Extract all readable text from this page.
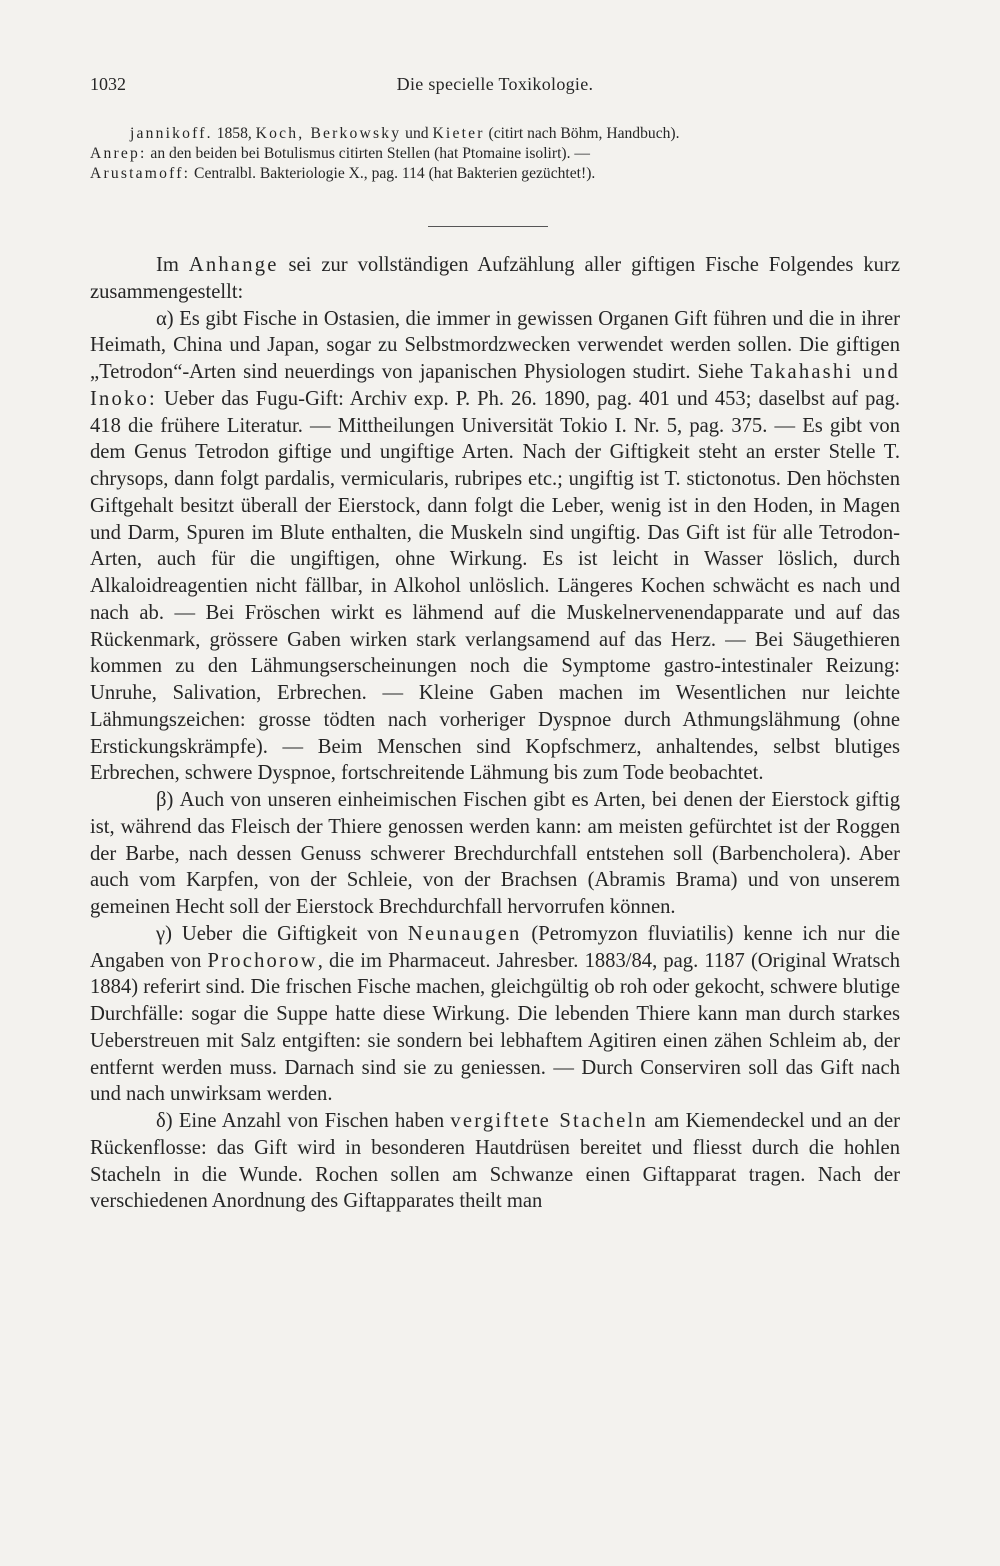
1032	Die specielle Toxikologie.

jannikoff. 1858, Koch, Berkowsky und Kieter (citirt nach Böhm, Handbuch).

Anrep: an den beiden bei Botulismus citirten Stellen (hat Ptomaine isolirt). —

Arustamoff: Centralbl. Bakteriologie X., pag. 114 (hat Bakterien gezüchtet!).

Im Anhange sei zur vollständigen Aufzählung aller giftigen Fische Folgendes kurz zusammengestellt:

α) Es gibt Fische in Ostasien, die immer in gewissen Organen Gift führen und die in ihrer Heimath, China und Japan, sogar zu Selbstmordzwecken verwendet werden sollen. Die giftigen „Tetrodon“-Arten sind neuerdings von japanischen Physiologen studirt. Siehe Takahashi und Inoko: Ueber das Fugu-Gift: Archiv exp. P. Ph. 26. 1890, pag. 401 und 453; daselbst auf pag. 418 die frühere Literatur. — Mittheilungen Universität Tokio I. Nr. 5, pag. 375. — Es gibt von dem Genus Tetrodon giftige und ungiftige Arten. Nach der Giftigkeit steht an erster Stelle T. chrysops, dann folgt pardalis, vermicularis, rubripes etc.; ungiftig ist T. stictonotus. Den höchsten Giftgehalt besitzt überall der Eierstock, dann folgt die Leber, wenig ist in den Hoden, in Magen und Darm, Spuren im Blute enthalten, die Muskeln sind ungiftig. Das Gift ist für alle Tetrodon-Arten, auch für die ungiftigen, ohne Wirkung. Es ist leicht in Wasser löslich, durch Alkaloidreagentien nicht fällbar, in Alkohol unlöslich. Längeres Kochen schwächt es nach und nach ab. — Bei Fröschen wirkt es lähmend auf die Muskelnervenendapparate und auf das Rückenmark, grössere Gaben wirken stark verlangsamend auf das Herz. — Bei Säugethieren kommen zu den Lähmungserscheinungen noch die Symptome gastro-intestinaler Reizung: Unruhe, Salivation, Erbrechen. — Kleine Gaben machen im Wesentlichen nur leichte Lähmungszeichen: grosse tödten nach vorheriger Dyspnoe durch Athmungslähmung (ohne Erstickungskrämpfe). — Beim Menschen sind Kopfschmerz, anhaltendes, selbst blutiges Erbrechen, schwere Dyspnoe, fortschreitende Lähmung bis zum Tode beobachtet.

β) Auch von unseren einheimischen Fischen gibt es Arten, bei denen der Eierstock giftig ist, während das Fleisch der Thiere genossen werden kann: am meisten gefürchtet ist der Roggen der Barbe, nach dessen Genuss schwerer Brechdurchfall entstehen soll (Barbencholera). Aber auch vom Karpfen, von der Schleie, von der Brachsen (Abramis Brama) und von unserem gemeinen Hecht soll der Eierstock Brechdurchfall hervorrufen können.

γ) Ueber die Giftigkeit von Neunaugen (Petromyzon fluviatilis) kenne ich nur die Angaben von Prochorow, die im Pharmaceut. Jahresber. 1883/84, pag. 1187 (Original Wratsch 1884) referirt sind. Die frischen Fische machen, gleichgültig ob roh oder gekocht, schwere blutige Durchfälle: sogar die Suppe hatte diese Wirkung. Die lebenden Thiere kann man durch starkes Ueberstreuen mit Salz entgiften: sie sondern bei lebhaftem Agitiren einen zähen Schleim ab, der entfernt werden muss. Darnach sind sie zu geniessen. — Durch Conserviren soll das Gift nach und nach unwirksam werden.

δ) Eine Anzahl von Fischen haben vergiftete Stacheln am Kiemendeckel und an der Rückenflosse: das Gift wird in besonderen Hautdrüsen bereitet und fliesst durch die hohlen Stacheln in die Wunde. Rochen sollen am Schwanze einen Giftapparat tragen. Nach der verschiedenen Anordnung des Giftapparates theilt man
